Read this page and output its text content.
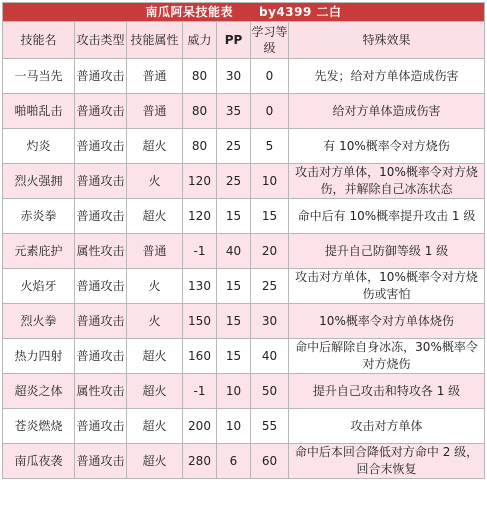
南瓜阿呆技能表 by4399 二白						
技能名	攻击类型	技能属性	威力	PP	学习等级	特殊效果
一马当先	普通攻击	普通	80	30	0	先发；给对方单体造成伤害
啪啪乱击	普通攻击	普通	80	35	0	给对方单体造成伤害
灼炎	普通攻击	超火	80	25	5	有 10%概率令对方烧伤
烈火强拥	普通攻击	火	120	25	10	攻击对方单体，10%概率令对方烧伤，并解除自己冰冻状态
赤炎拳	普通攻击	超火	120	15	15	命中后有 10%概率提升攻击 1 级
元素庇护	属性攻击	普通	-1	40	20	提升自己防御等级 1 级
火焰牙	普通攻击	火	130	15	25	攻击对方单体，10%概率令对方烧伤或害怕
烈火拳	普通攻击	火	150	15	30	10%概率令对方单体烧伤
热力四射	普通攻击	超火	160	15	40	命中后解除自身冰冻，30%概率令对方烧伤
超炎之体	属性攻击	超火	-1	10	50	提升自己攻击和特攻各 1 级
苍炎燃烧	普通攻击	超火	200	10	55	攻击对方单体
南瓜夜袭	普通攻击	超火	280	6	60	命中后本回合降低对方命中 2 级，回合末恢复
